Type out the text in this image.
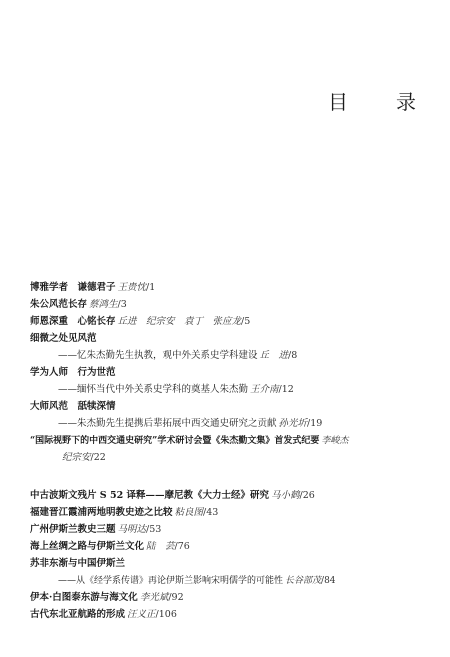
目　录
博雅学者　谦德君子 王贵忱/1
朱公风范长存 蔡鸿生/3
师恩深重　心铭长存 丘进　纪宗安　袁丁　张应龙/5
细微之处见风范
——忆朱杰勤先生执教，观中外关系史学科建设 丘　进/8
学为人师　行为世范
——缅怀当代中外关系史学科的奠基人朱杰勤 王介南/12
大师风范　舐犊深情
——朱杰勤先生提携后辈拓展中西交通史研究之贡献 孙光圻/19
“国际视野下的中西交通史研究”学术研讨会暨《朱杰勤文集》首发式纪要 李峻杰
纪宗安/22
中古波斯文残片 S 52 译释——摩尼教《大力士经》研究 马小鹤/26
福建晋江霞浦两地明教史迹之比较 粘良图/43
广州伊斯兰教史三题 马明达/53
海上丝绸之路与伊斯兰文化 陆　芸/76
苏非东渐与中国伊斯兰
——从《经学系传谱》再论伊斯兰影响宋明儒学的可能性 长谷部茂/84
伊本·白图泰东游与海文化 李光斌/92
古代东北亚航路的形成 汪义正/106
